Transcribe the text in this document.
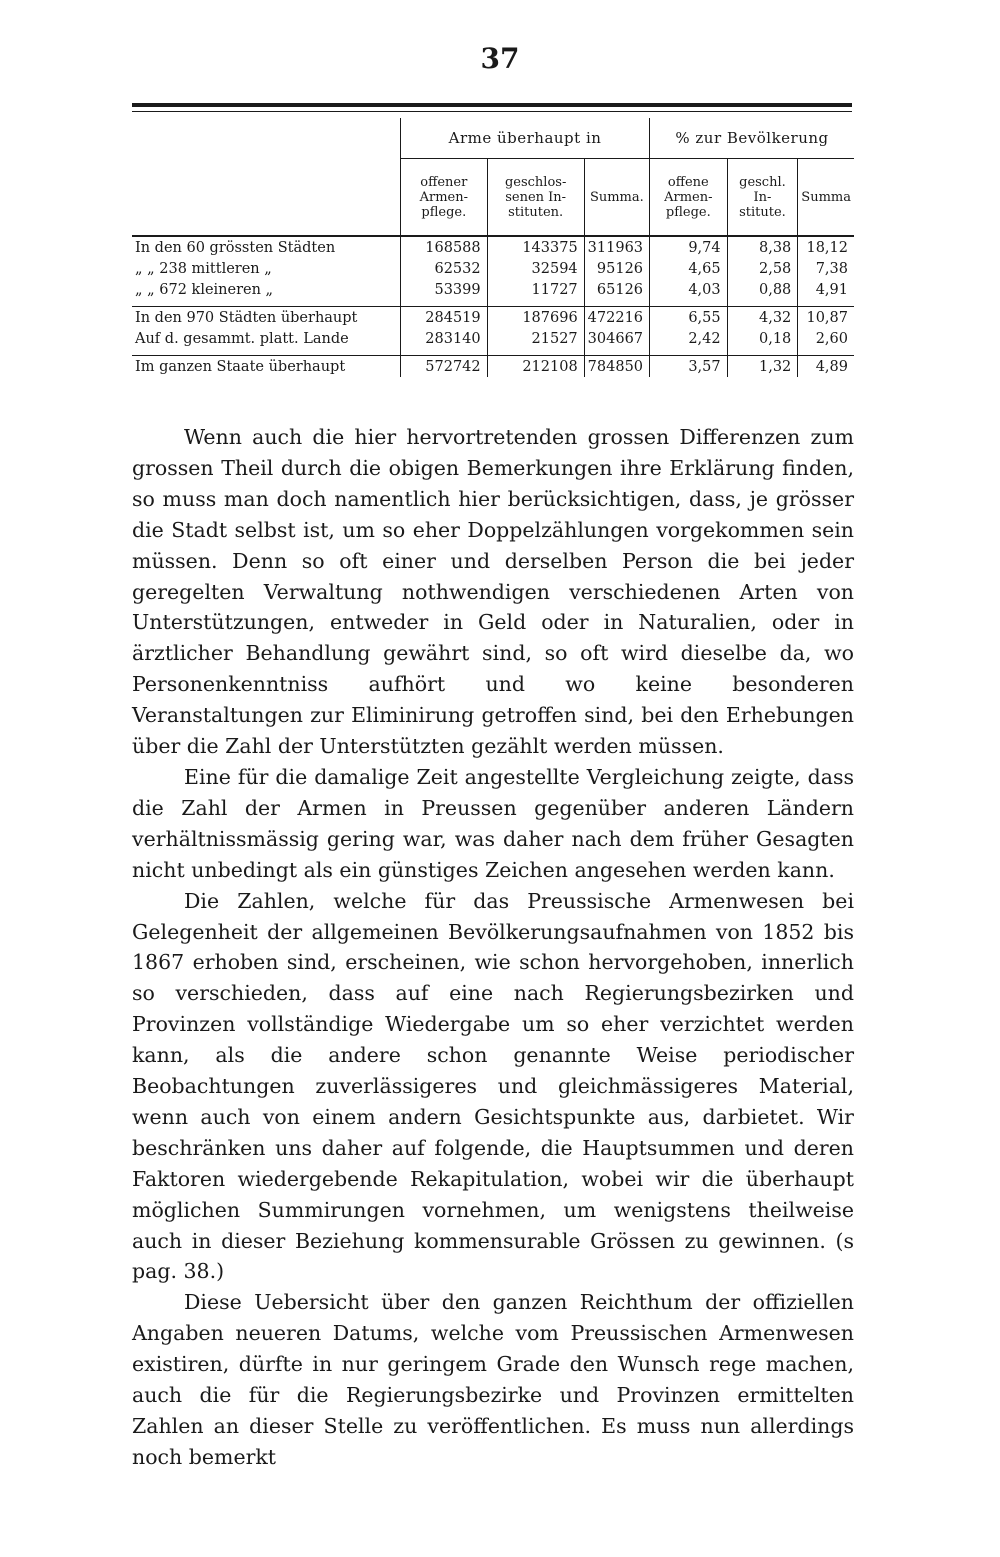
37
	Arme überhaupt in			% zur Bevölkerung		
	offener Armen-pflege.	geschlos-senen In-stituten.	Summa.	offene Armen-pflege.	geschl. In-stitute.	Summa
In den 60 grössten Städten	168588	143375	311963	9,74	8,38	18,12
„ „ 238 mittleren „	62532	32594	95126	4,65	2,58	7,38
„ „ 672 kleineren „	53399	11727	65126	4,03	0,88	4,91

In den 970 Städten überhaupt	284519	187696	472216	6,55	4,32	10,87
Auf d. gesammt. platt. Lande	283140	21527	304667	2,42	0,18	2,60

Im ganzen Staate überhaupt	572742	212108	784850	3,57	1,32	4,89

Wenn auch die hier hervortretenden grossen Differenzen zum grossen Theil durch die obigen Bemerkungen ihre Erklärung finden, so muss man doch namentlich hier berücksichtigen, dass, je grösser die Stadt selbst ist, um so eher Doppelzählungen vorgekommen sein müssen. Denn so oft einer und derselben Person die bei jeder geregelten Verwaltung nothwendigen verschiedenen Arten von Unterstützungen, entweder in Geld oder in Naturalien, oder in ärztlicher Behandlung gewährt sind, so oft wird dieselbe da, wo Personenkenntniss aufhört und wo keine besonderen Veranstaltungen zur Eliminirung getroffen sind, bei den Erhebungen über die Zahl der Unterstützten gezählt werden müssen.

Eine für die damalige Zeit angestellte Vergleichung zeigte, dass die Zahl der Armen in Preussen gegenüber anderen Ländern verhältnissmässig gering war, was daher nach dem früher Gesagten nicht unbedingt als ein günstiges Zeichen angesehen werden kann.

Die Zahlen, welche für das Preussische Armenwesen bei Gelegenheit der allgemeinen Bevölkerungsaufnahmen von 1852 bis 1867 erhoben sind, erscheinen, wie schon hervorgehoben, innerlich so verschieden, dass auf eine nach Regierungsbezirken und Provinzen vollständige Wiedergabe um so eher verzichtet werden kann, als die andere schon genannte Weise periodischer Beobachtungen zuverlässigeres und gleichmässigeres Material, wenn auch von einem andern Gesichtspunkte aus, darbietet. Wir beschränken uns daher auf folgende, die Hauptsummen und deren Faktoren wiedergebende Rekapitulation, wobei wir die überhaupt möglichen Summirungen vornehmen, um wenigstens theilweise auch in dieser Beziehung kommensurable Grössen zu gewinnen. (s pag. 38.)

Diese Uebersicht über den ganzen Reichthum der offiziellen Angaben neueren Datums, welche vom Preussischen Armenwesen existiren, dürfte in nur geringem Grade den Wunsch rege machen, auch die für die Regierungsbezirke und Provinzen ermittelten Zahlen an dieser Stelle zu veröffentlichen. Es muss nun allerdings noch bemerkt
